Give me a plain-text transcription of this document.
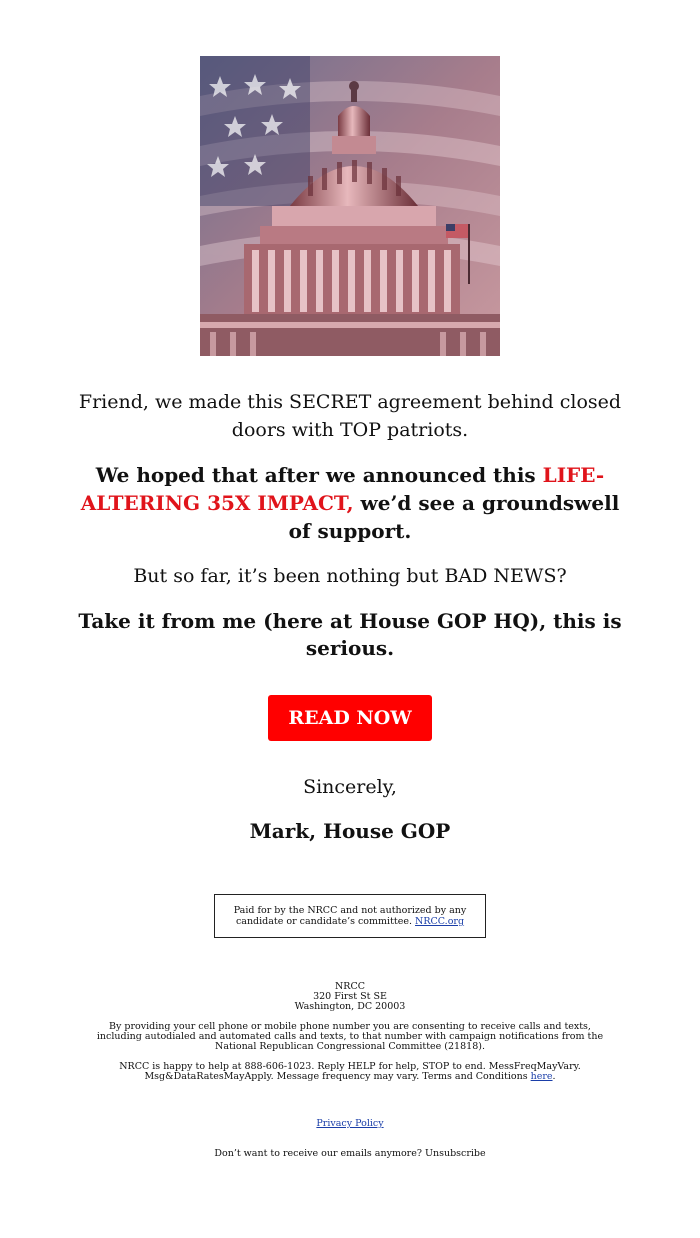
Friend, we made this SECRET agreement behind closed doors with TOP patriots.

We hoped that after we announced this LIFE-ALTERING 35X IMPACT, we’d see a groundswell of support.

But so far, it’s been nothing but BAD NEWS?

Take it from me (here at House GOP HQ), this is serious.

READ NOW

Sincerely,

Mark, House GOP

Paid for by the NRCC and not authorized by any candidate or candidate’s committee. NRCC.org
NRCC
320 First St SE
Washington, DC 20003
By providing your cell phone or mobile phone number you are consenting to receive calls and texts, including autodialed and automated calls and texts, to that number with campaign notifications from the National Republican Congressional Committee (21818).
NRCC is happy to help at 888-606-1023. Reply HELP for help, STOP to end. MessFreqMayVary. Msg&DataRatesMayApply. Message frequency may vary. Terms and Conditions here.
Privacy Policy
Don’t want to receive our emails anymore? Unsubscribe
